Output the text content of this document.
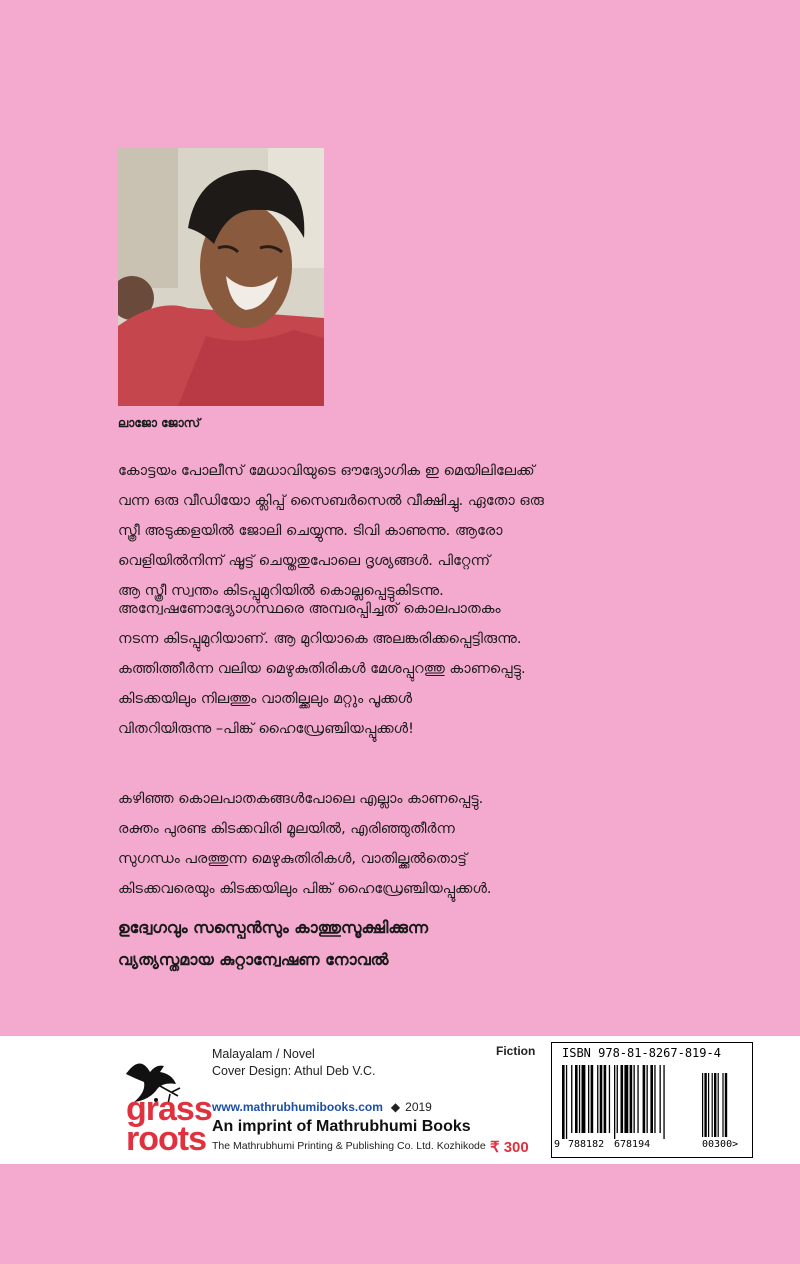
ലാജോ ജോസ്

കോട്ടയം പോലീസ് മേധാവിയുടെ ഔദ്യോഗിക ഇ മെയിലിലേക്ക്

വന്ന ഒരു വീഡിയോ ക്ലിപ്പ് സൈബർസെൽ വീക്ഷിച്ചു. ഏതോ ഒരു

സ്ത്രീ അടുക്കളയിൽ ജോലി ചെയ്യുന്നു. ടിവി കാണുന്നു. ആരോ

വെളിയിൽനിന്ന് ഷൂട്ട് ചെയ്തതുപോലെ ദൃശ്യങ്ങൾ. പിറ്റേന്ന്

ആ സ്ത്രീ സ്വന്തം കിടപ്പുമുറിയിൽ കൊല്ലപ്പെട്ടുകിടന്നു.

അന്വേഷണോദ്യോഗസ്ഥരെ അമ്പരപ്പിച്ചത് കൊലപാതകം

നടന്ന കിടപ്പുമുറിയാണ്. ആ മുറിയാകെ അലങ്കരിക്കപ്പെട്ടിരുന്നു.

കത്തിത്തീർന്ന വലിയ മെഴുകുതിരികൾ മേശപ്പുറത്തു കാണപ്പെട്ടു.

കിടക്കയിലും നിലത്തും വാതില്ക്കലും മറ്റും പൂക്കൾ

വിതറിയിരുന്നു –പിങ്ക് ഹൈഡ്രേഞ്ചിയപ്പൂക്കൾ!

കഴിഞ്ഞ കൊലപാതകങ്ങൾപോലെ എല്ലാം കാണപ്പെട്ടു.

രക്തം പുരണ്ട കിടക്കവിരി മൂലയിൽ, എരിഞ്ഞുതീർന്ന

സുഗന്ധം പരത്തുന്ന മെഴുകുതിരികൾ, വാതില്ക്കൽതൊട്ട്

കിടക്കവരെയും കിടക്കയിലും പിങ്ക് ഹൈഡ്രേഞ്ചിയപ്പൂക്കൾ.

ഉദ്വേഗവും സസ്പെൻസും കാത്തുസൂക്ഷിക്കുന്ന

വ്യത്യസ്തമായ കുറ്റാന്വേഷണ നോവൽ

grass
roots
Malayalam / Novel
Cover Design: Athul Deb V.C.
Fiction
www.mathrubhumibooks.com ◆ 2019
An imprint of Mathrubhumi Books
The Mathrubhumi Printing & Publishing Co. Ltd. Kozhikode ₹ 300
ISBN 978-81-8267-819-4
9 788182 678194	00300>
